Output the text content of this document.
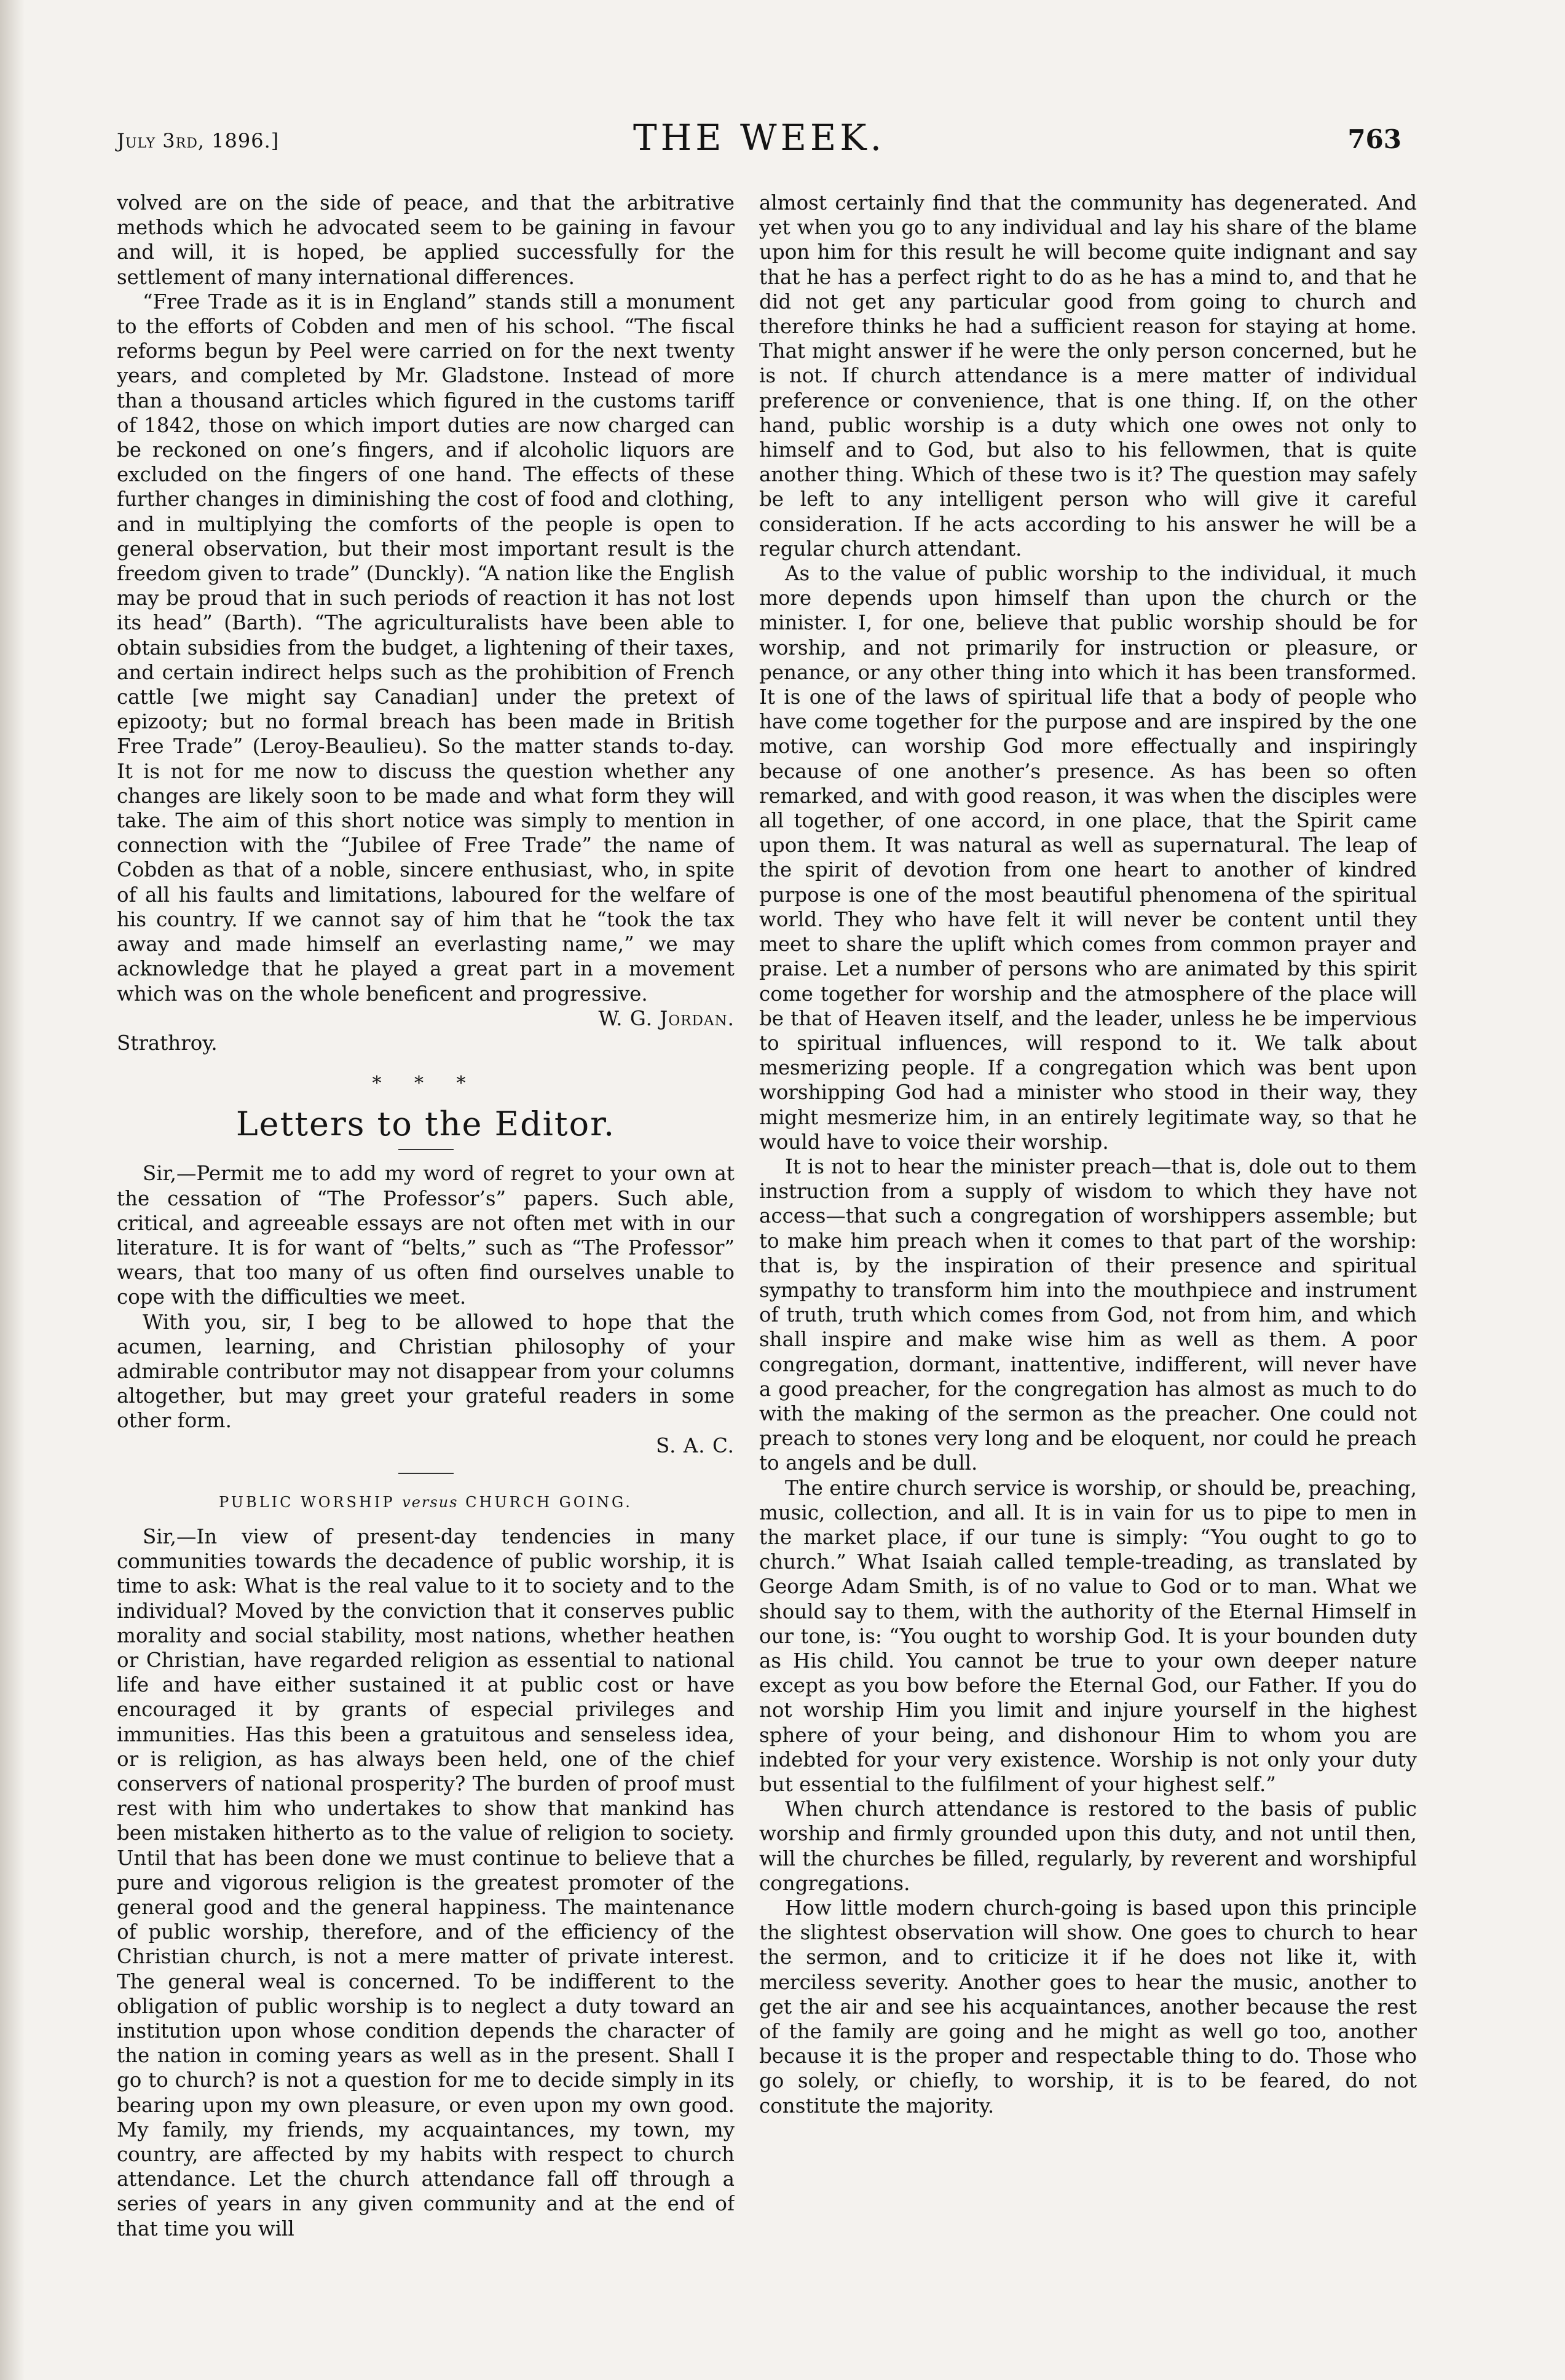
July 3rd, 1896.]	THE WEEK.	763

volved are on the side of peace, and that the arbitrative methods which he advocated seem to be gaining in favour and will, it is hoped, be applied successfully for the settlement of many international differences.

“Free Trade as it is in England” stands still a monument to the efforts of Cobden and men of his school. “The fiscal reforms begun by Peel were carried on for the next twenty years, and completed by Mr. Gladstone. Instead of more than a thousand articles which figured in the customs tariff of 1842, those on which import duties are now charged can be reckoned on one’s fingers, and if alcoholic liquors are excluded on the fingers of one hand. The effects of these further changes in diminishing the cost of food and clothing, and in multiplying the comforts of the people is open to general observation, but their most important result is the freedom given to trade” (Dunckly). “A nation like the English may be proud that in such periods of reaction it has not lost its head” (Barth). “The agriculturalists have been able to obtain subsidies from the budget, a lightening of their taxes, and certain indirect helps such as the prohibition of French cattle [we might say Canadian] under the pretext of epizooty; but no formal breach has been made in British Free Trade” (Leroy-Beaulieu). So the matter stands to-day. It is not for me now to discuss the question whether any changes are likely soon to be made and what form they will take. The aim of this short notice was simply to mention in connection with the “Jubilee of Free Trade” the name of Cobden as that of a noble, sincere enthusiast, who, in spite of all his faults and limitations, laboured for the welfare of his country. If we cannot say of him that he “took the tax away and made himself an everlasting name,” we may acknowledge that he played a great part in a movement which was on the whole beneficent and progressive.

W. G. Jordan.

Strathroy.

* * *
Letters to the Editor.

Sir,—Permit me to add my word of regret to your own at the cessation of “The Professor’s” papers. Such able, critical, and agreeable essays are not often met with in our literature. It is for want of “belts,” such as “The Professor” wears, that too many of us often find ourselves unable to cope with the difficulties we meet.

With you, sir, I beg to be allowed to hope that the acumen, learning, and Christian philosophy of your admirable contributor may not disappear from your columns altogether, but may greet your grateful readers in some other form.

S. A. C.

PUBLIC WORSHIP versus CHURCH GOING.

Sir,—In view of present-day tendencies in many communities towards the decadence of public worship, it is time to ask: What is the real value to it to society and to the individual? Moved by the conviction that it conserves public morality and social stability, most nations, whether heathen or Christian, have regarded religion as essential to national life and have either sustained it at public cost or have encouraged it by grants of especial privileges and immunities. Has this been a gratuitous and senseless idea, or is religion, as has always been held, one of the chief conservers of national prosperity? The burden of proof must rest with him who undertakes to show that mankind has been mistaken hitherto as to the value of religion to society. Until that has been done we must continue to believe that a pure and vigorous religion is the greatest promoter of the general good and the general happiness. The maintenance of public worship, therefore, and of the efficiency of the Christian church, is not a mere matter of private interest. The general weal is concerned. To be indifferent to the obligation of public worship is to neglect a duty toward an institution upon whose condition depends the character of the nation in coming years as well as in the present. Shall I go to church? is not a question for me to decide simply in its bearing upon my own pleasure, or even upon my own good. My family, my friends, my acquaintances, my town, my country, are affected by my habits with respect to church attendance. Let the church attendance fall off through a series of years in any given community and at the end of that time you will

almost certainly find that the community has degenerated. And yet when you go to any individual and lay his share of the blame upon him for this result he will become quite indignant and say that he has a perfect right to do as he has a mind to, and that he did not get any particular good from going to church and therefore thinks he had a sufficient reason for staying at home. That might answer if he were the only person concerned, but he is not. If church attendance is a mere matter of individual preference or convenience, that is one thing. If, on the other hand, public worship is a duty which one owes not only to himself and to God, but also to his fellowmen, that is quite another thing. Which of these two is it? The question may safely be left to any intelligent person who will give it careful consideration. If he acts according to his answer he will be a regular church attendant.

As to the value of public worship to the individual, it much more depends upon himself than upon the church or the minister. I, for one, believe that public worship should be for worship, and not primarily for instruction or pleasure, or penance, or any other thing into which it has been transformed. It is one of the laws of spiritual life that a body of people who have come together for the purpose and are inspired by the one motive, can worship God more effectually and inspiringly because of one another’s presence. As has been so often remarked, and with good reason, it was when the disciples were all together, of one accord, in one place, that the Spirit came upon them. It was natural as well as supernatural. The leap of the spirit of devotion from one heart to another of kindred purpose is one of the most beautiful phenomena of the spiritual world. They who have felt it will never be content until they meet to share the uplift which comes from common prayer and praise. Let a number of persons who are animated by this spirit come together for worship and the atmosphere of the place will be that of Heaven itself, and the leader, unless he be impervious to spiritual influences, will respond to it. We talk about mesmerizing people. If a congregation which was bent upon worshipping God had a minister who stood in their way, they might mesmerize him, in an entirely legitimate way, so that he would have to voice their worship.

It is not to hear the minister preach—that is, dole out to them instruction from a supply of wisdom to which they have not access—that such a congregation of worshippers assemble; but to make him preach when it comes to that part of the worship: that is, by the inspiration of their presence and spiritual sympathy to transform him into the mouthpiece and instrument of truth, truth which comes from God, not from him, and which shall inspire and make wise him as well as them. A poor congregation, dormant, inattentive, indifferent, will never have a good preacher, for the congregation has almost as much to do with the making of the sermon as the preacher. One could not preach to stones very long and be eloquent, nor could he preach to angels and be dull.

The entire church service is worship, or should be, preaching, music, collection, and all. It is in vain for us to pipe to men in the market place, if our tune is simply: “You ought to go to church.” What Isaiah called temple-treading, as translated by George Adam Smith, is of no value to God or to man. What we should say to them, with the authority of the Eternal Himself in our tone, is: “You ought to worship God. It is your bounden duty as His child. You cannot be true to your own deeper nature except as you bow before the Eternal God, our Father. If you do not worship Him you limit and injure yourself in the highest sphere of your being, and dishonour Him to whom you are indebted for your very existence. Worship is not only your duty but essential to the fulfilment of your highest self.”

When church attendance is restored to the basis of public worship and firmly grounded upon this duty, and not until then, will the churches be filled, regularly, by reverent and worshipful congregations.

How little modern church-going is based upon this principle the slightest observation will show. One goes to church to hear the sermon, and to criticize it if he does not like it, with merciless severity. Another goes to hear the music, another to get the air and see his acquaintances, another because the rest of the family are going and he might as well go too, another because it is the proper and respectable thing to do. Those who go solely, or chiefly, to worship, it is to be feared, do not constitute the majority.
